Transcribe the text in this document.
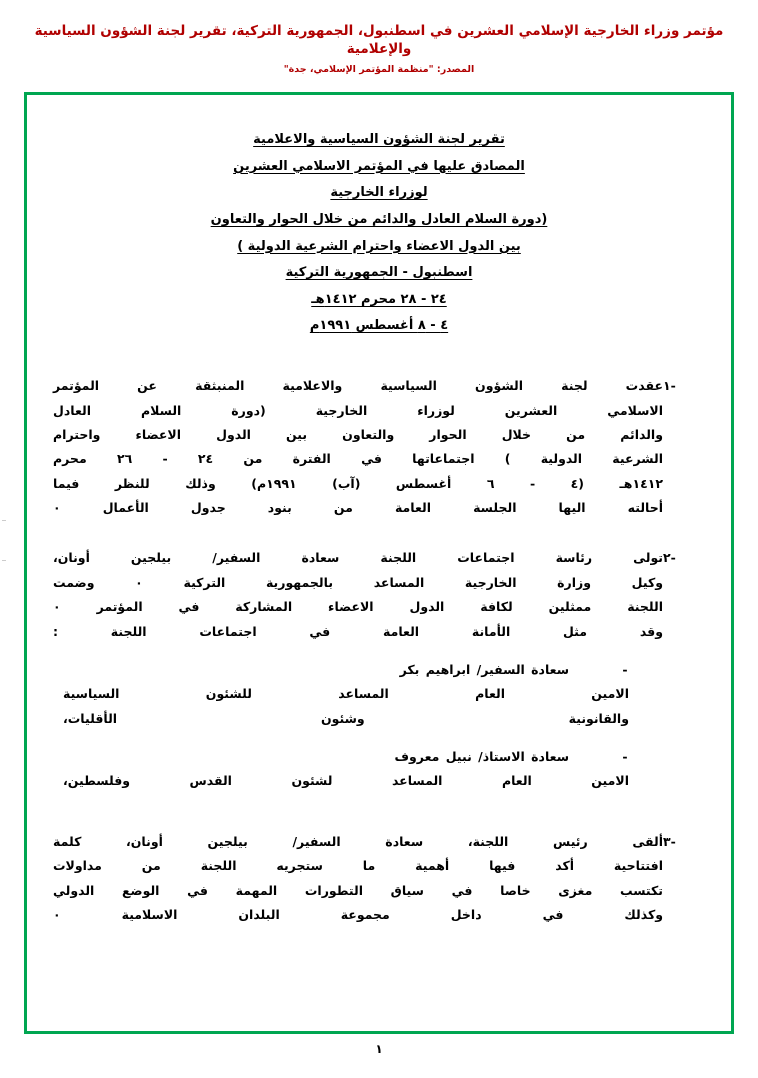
مؤتمر وزراء الخارجية الإسلامي العشرين في اسطنبول، الجمهورية التركية، تقرير لجنة الشؤون السياسية والإعلامية
المصدر: "منظمة المؤتمر الإسلامي، جدة"
تقرير لجنة الشؤون السياسية والاعلامية
المصادق عليها في المؤتمر الاسلامي العشرين
لوزراء الخارجية
(دورة السلام العادل والدائم من خلال الحوار والتعاون
بين الدول الاعضاء واحترام الشرعية الدولية )
اسطنبول - الجمهورية التركية
٢٤ - ٢٨ محرم ١٤١٢هـ
٤ - ٨ أغسطس ١٩٩١م
-١
عقدت لجنة الشؤون السياسية والاعلامية المنبثقة عن المؤتمر
الاسلامي العشرين لوزراء الخارجية (دورة السلام العادل
والدائم من خلال الحوار والتعاون بين الدول الاعضاء واحترام
الشرعية الدولية ) اجتماعاتها في الفترة من ٢٤ - ٢٦ محرم
١٤١٢هـ (٤ - ٦ أغسطس (آب) ١٩٩١م) وذلك للنظر فيما
أحالته اليها الجلسة العامة من بنود جدول الأعمال ٠
-٢
تولى رئاسة اجتماعات اللجنة سعادة السفير/ بيلجين أونان،
وكيل وزارة الخارجية المساعد بالجمهورية التركية ٠ وضمت
اللجنة ممثلين لكافة الدول الاعضاء المشاركة في المؤتمر ٠
وقد مثل الأمانة العامة في اجتماعات اللجنة :
-
سعادة السفير/ ابراهيم بكر
الامين العام المساعد للشئون السياسية
والقانونية وشئون الأقليات،
-
سعادة الاستاذ/ نبيل معروف
الامين العام المساعد لشئون القدس وفلسطين،
-٣
ألقى رئيس اللجنة، سعادة السفير/ بيلجين أونان، كلمة
افتتاحية أكد فيها أهمية ما ستجريه اللجنة من مداولات
تكتسب مغزى خاصا في سياق التطورات المهمة في الوضع الدولي
وكذلك في داخل مجموعة البلدان الاسلامية ٠
١
